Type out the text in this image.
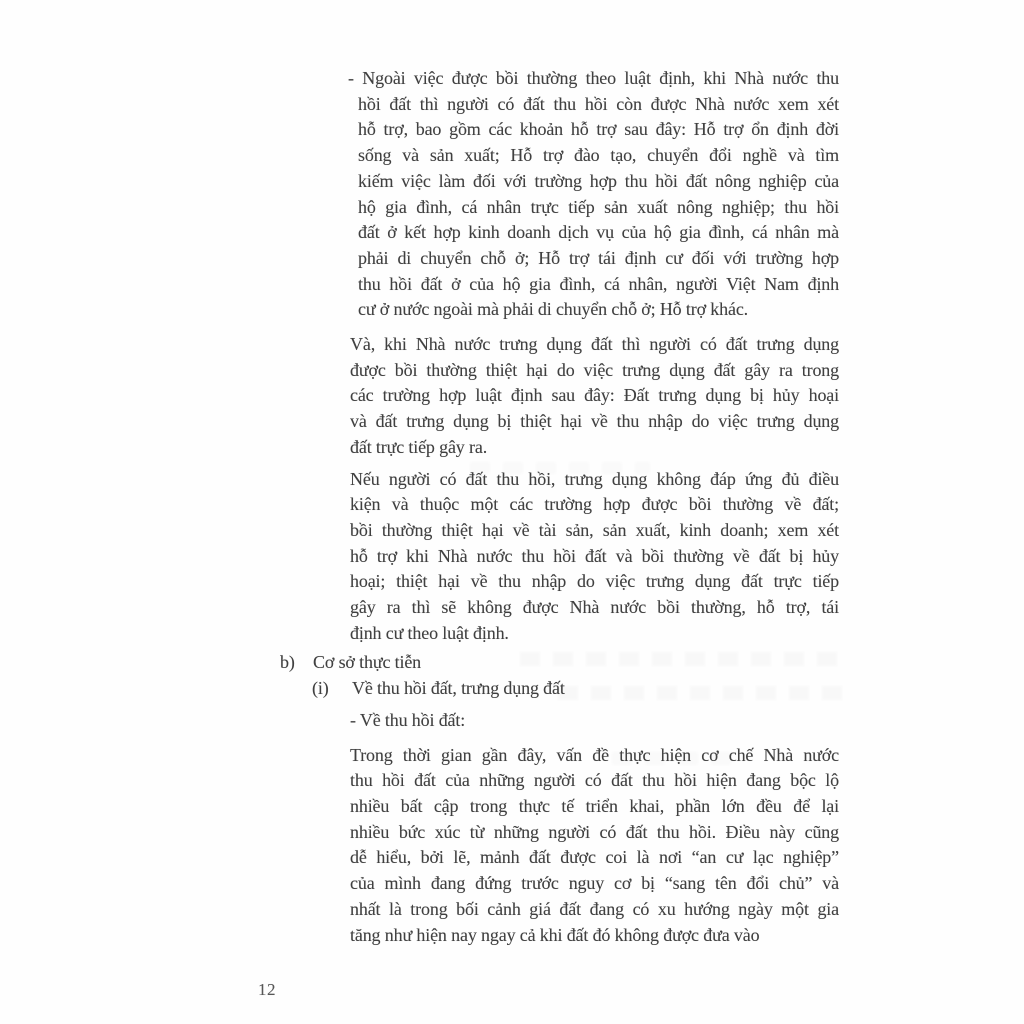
- Ngoài việc được bồi thường theo luật định, khi Nhà nước thu
hồi đất thì người có đất thu hồi còn được Nhà nước xem xét
hỗ trợ, bao gồm các khoản hỗ trợ sau đây: Hỗ trợ ổn định đời
sống và sản xuất; Hỗ trợ đào tạo, chuyển đổi nghề và tìm
kiếm việc làm đối với trường hợp thu hồi đất nông nghiệp của
hộ gia đình, cá nhân trực tiếp sản xuất nông nghiệp; thu hồi
đất ở kết hợp kinh doanh dịch vụ của hộ gia đình, cá nhân mà
phải di chuyển chỗ ở; Hỗ trợ tái định cư đối với trường hợp
thu hồi đất ở của hộ gia đình, cá nhân, người Việt Nam định
cư ở nước ngoài mà phải di chuyển chỗ ở; Hỗ trợ khác.
Và, khi Nhà nước trưng dụng đất thì người có đất trưng dụng
được bồi thường thiệt hại do việc trưng dụng đất gây ra trong
các trường hợp luật định sau đây: Đất trưng dụng bị hủy hoại
và đất trưng dụng bị thiệt hại về thu nhập do việc trưng dụng
đất trực tiếp gây ra.
Nếu người có đất thu hồi, trưng dụng không đáp ứng đủ điều
kiện và thuộc một các trường hợp được bồi thường về đất;
bồi thường thiệt hại về tài sản, sản xuất, kinh doanh; xem xét
hỗ trợ khi Nhà nước thu hồi đất và bồi thường về đất bị hủy
hoại; thiệt hại về thu nhập do việc trưng dụng đất trực tiếp
gây ra thì sẽ không được Nhà nước bồi thường, hỗ trợ, tái
định cư theo luật định.
b) Cơ sở thực tiễn
(i) Về thu hồi đất, trưng dụng đất
- Về thu hồi đất:
Trong thời gian gần đây, vấn đề thực hiện cơ chế Nhà nước
thu hồi đất của những người có đất thu hồi hiện đang bộc lộ
nhiều bất cập trong thực tế triển khai, phần lớn đều để lại
nhiều bức xúc từ những người có đất thu hồi. Điều này cũng
dễ hiểu, bởi lẽ, mảnh đất được coi là nơi “an cư lạc nghiệp”
của mình đang đứng trước nguy cơ bị “sang tên đổi chủ” và
nhất là trong bối cảnh giá đất đang có xu hướng ngày một gia
tăng như hiện nay ngay cả khi đất đó không được đưa vào
12
